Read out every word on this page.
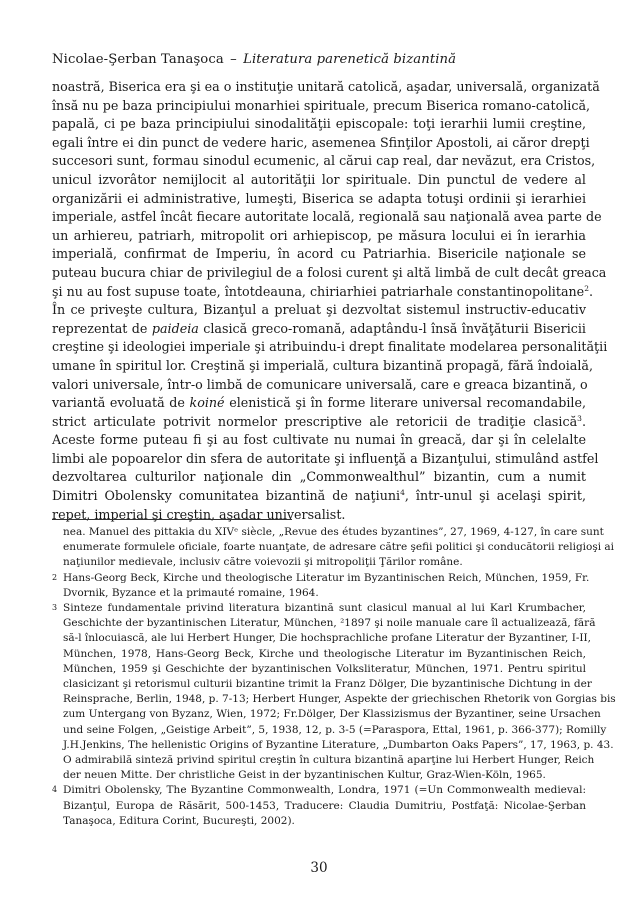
Nicolae-Şerban Tanaşoca – Literatura parenetică bizantină
noastră, Biserica era şi ea o instituţie unitară catolică, aşadar, universală, organizată
însă nu pe baza principiului monarhiei spirituale, precum Biserica romano-catolică,
papală, ci pe baza principiului sinodalităţii episcopale: toţi ierarhii lumii creştine,
egali între ei din punct de vedere haric, asemenea Sfinţilor Apostoli, ai căror drepţi
succesori sunt, formau sinodul ecumenic, al cărui cap real, dar nevăzut, era Cristos,
unicul izvorâtor nemijlocit al autorităţii lor spirituale. Din punctul de vedere al
organizării ei administrative, lumeşti, Biserica se adapta totuşi ordinii şi ierarhiei
imperiale, astfel încât fiecare autoritate locală, regională sau naţională avea parte de
un arhiereu, patriarh, mitropolit ori arhiepiscop, pe măsura locului ei în ierarhia
imperială, confirmat de Imperiu, în acord cu Patriarhia. Bisericile naţionale se
puteau bucura chiar de privilegiul de a folosi curent şi altă limbă de cult decât greaca
şi nu au fost supuse toate, întotdeauna, chiriarhiei patriarhale constantinopolitane$^2$.
În ce priveşte cultura, Bizanţul a preluat şi dezvoltat sistemul instructiv-educativ
reprezentat de paideia clasică greco-romană, adaptându-l însă învăţăturii Bisericii
creştine şi ideologiei imperiale şi atribuindu-i drept finalitate modelarea personalităţii
umane în spiritul lor. Creştină şi imperială, cultura bizantină propagă, fără îndoială,
valori universale, într-o limbă de comunicare universală, care e greaca bizantină, o
variantă evoluată de koiné elenistică şi în forme literare universal recomandabile,
strict articulate potrivit normelor prescriptive ale retoricii de tradiţie clasică$^3$.
Aceste forme puteau fi şi au fost cultivate nu numai în greacă, dar şi în celelalte
limbi ale popoarelor din sfera de autoritate şi influenţă a Bizanţului, stimulând astfel
dezvoltarea culturilor naţionale din „Commonwealthul” bizantin, cum a numit
Dimitri Obolensky comunitatea bizantină de naţiuni$^4$, într-unul şi acelaşi spirit,
repet, imperial şi creştin, aşadar universalist.
nea. Manuel des pittakia du XIVᵉ siècle, „Revue des études byzantines”, 27, 1969, 4-127, în care sunt
enumerate formulele oficiale, foarte nuanţate, de adresare către şefii politici şi conducătorii religioşi ai
naţiunilor medievale, inclusiv către voievozii şi mitropoliţii Ţărilor române.
2 Hans-Georg Beck, Kirche und theologische Literatur im Byzantinischen Reich, München, 1959, Fr.
Dvornik, Byzance et la primauté romaine, 1964.
3 Sinteze fundamentale privind literatura bizantină sunt clasicul manual al lui Karl Krumbacher,
Geschichte der byzantinischen Literatur, München, ²1897 şi noile manuale care îl actualizează, fără
să-l înlocuiască, ale lui Herbert Hunger, Die hochsprachliche profane Literatur der Byzantiner, I-II,
München, 1978, Hans-Georg Beck, Kirche und theologische Literatur im Byzantinischen Reich,
München, 1959 şi Geschichte der byzantinischen Volksliteratur, München, 1971. Pentru spiritul
clasicizant şi retorismul culturii bizantine trimit la Franz Dölger, Die byzantinische Dichtung in der
Reinsprache, Berlin, 1948, p. 7-13; Herbert Hunger, Aspekte der griechischen Rhetorik von Gorgias bis
zum Untergang von Byzanz, Wien, 1972; Fr.Dölger, Der Klassizismus der Byzantiner, seine Ursachen
und seine Folgen, „Geistige Arbeit”, 5, 1938, 12, p. 3-5 (=Paraspora, Ettal, 1961, p. 366-377); Romilly
J.H.Jenkins, The hellenistic Origins of Byzantine Literature, „Dumbarton Oaks Papers”, 17, 1963, p. 43.
O admirabilă sinteză privind spiritul creştin în cultura bizantină aparţine lui Herbert Hunger, Reich
der neuen Mitte. Der christliche Geist in der byzantinischen Kultur, Graz-Wien-Köln, 1965.
4 Dimitri Obolensky, The Byzantine Commonwealth, Londra, 1971 (=Un Commonwealth medieval:
Bizanţul, Europa de Răsărit, 500-1453, Traducere: Claudia Dumitriu, Postfaţă: Nicolae-Şerban
Tanaşoca, Editura Corint, Bucureşti, 2002).
30
